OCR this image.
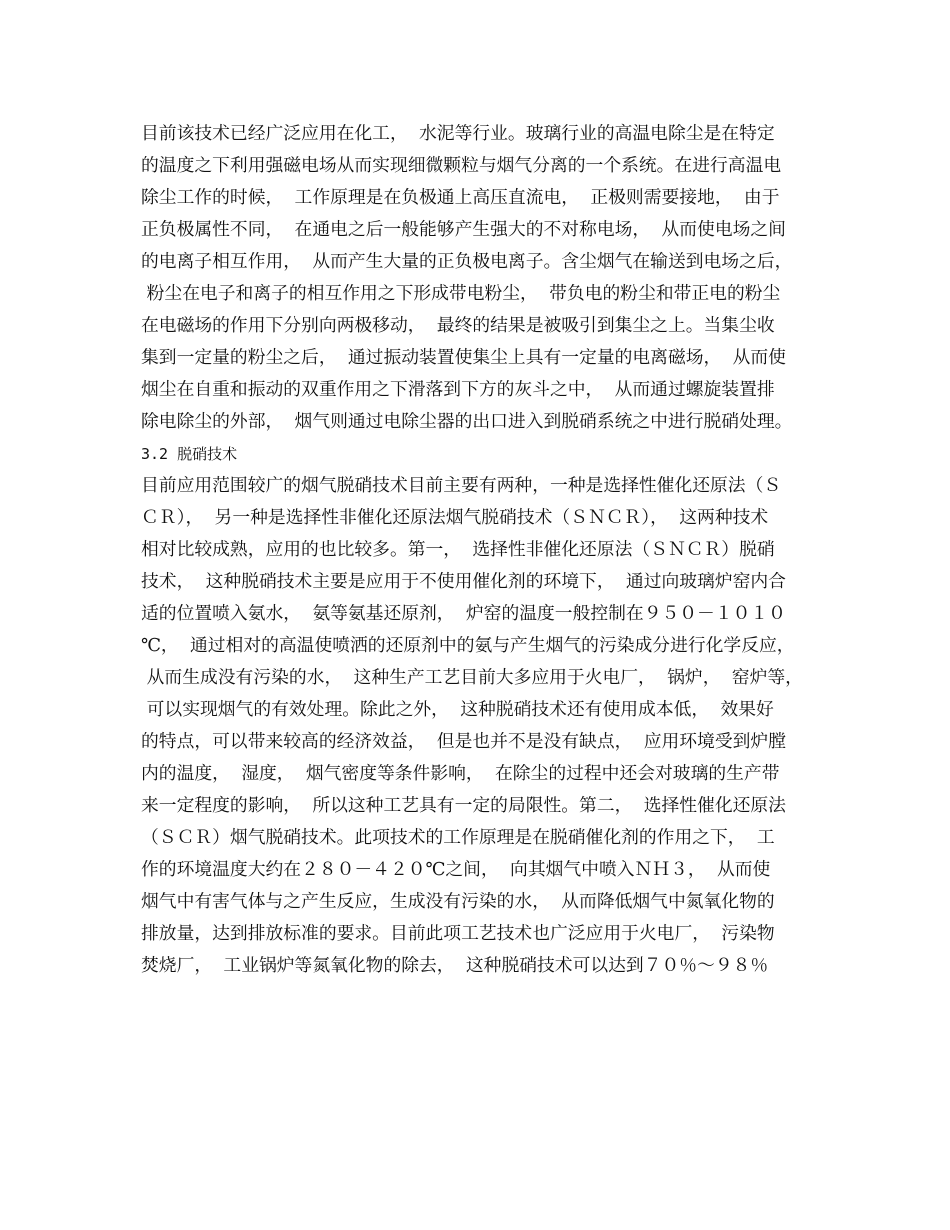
目前该技术已经广泛应用在化工，  水泥等行业。玻璃行业的高温电除尘是在特定
的温度之下利用强磁电场从而实现细微颗粒与烟气分离的一个系统。在进行高温电
除尘工作的时候，  工作原理是在负极通上高压直流电，  正极则需要接地，  由于
正负极属性不同，  在通电之后一般能够产生强大的不对称电场，  从而使电场之间
的电离子相互作用，  从而产生大量的正负极电离子。含尘烟气在输送到电场之后，
粉尘在电子和离子的相互作用之下形成带电粉尘，  带负电的粉尘和带正电的粉尘
在电磁场的作用下分别向两极移动，  最终的结果是被吸引到集尘之上。当集尘收
集到一定量的粉尘之后，  通过振动装置使集尘上具有一定量的电离磁场，  从而使
烟尘在自重和振动的双重作用之下滑落到下方的灰斗之中，  从而通过螺旋装置排
除电除尘的外部，  烟气则通过电除尘器的出口进入到脱硝系统之中进行脱硝处理。
3.2 脱硝技术
目前应用范围较广的烟气脱硝技术目前主要有两种，一种是选择性催化还原法（Ｓ
ＣＲ），  另一种是选择性非催化还原法烟气脱硝技术（ＳＮＣＲ），  这两种技术
相对比较成熟，应用的也比较多。第一，  选择性非催化还原法（ＳＮＣＲ）脱硝
技术，  这种脱硝技术主要是应用于不使用催化剂的环境下，  通过向玻璃炉窑内合
适的位置喷入氨水，  氨等氨基还原剂，  炉窑的温度一般控制在９５０－１０１０
℃，  通过相对的高温使喷洒的还原剂中的氨与产生烟气的污染成分进行化学反应，
从而生成没有污染的水，  这种生产工艺目前大多应用于火电厂，  锅炉，  窑炉等，
可以实现烟气的有效处理。除此之外，  这种脱硝技术还有使用成本低，  效果好
的特点，可以带来较高的经济效益，  但是也并不是没有缺点，  应用环境受到炉膛
内的温度，  湿度，  烟气密度等条件影响，  在除尘的过程中还会对玻璃的生产带
来一定程度的影响，  所以这种工艺具有一定的局限性。第二，  选择性催化还原法
（ＳＣＲ）烟气脱硝技术。此项技术的工作原理是在脱硝催化剂的作用之下，  工
作的环境温度大约在２８０－４２０℃之间，  向其烟气中喷入ＮＨ３，  从而使
烟气中有害气体与之产生反应，生成没有污染的水，  从而降低烟气中氮氧化物的
排放量，达到排放标准的要求。目前此项工艺技术也广泛应用于火电厂，  污染物
焚烧厂，  工业锅炉等氮氧化物的除去，  这种脱硝技术可以达到７０％～９８％
